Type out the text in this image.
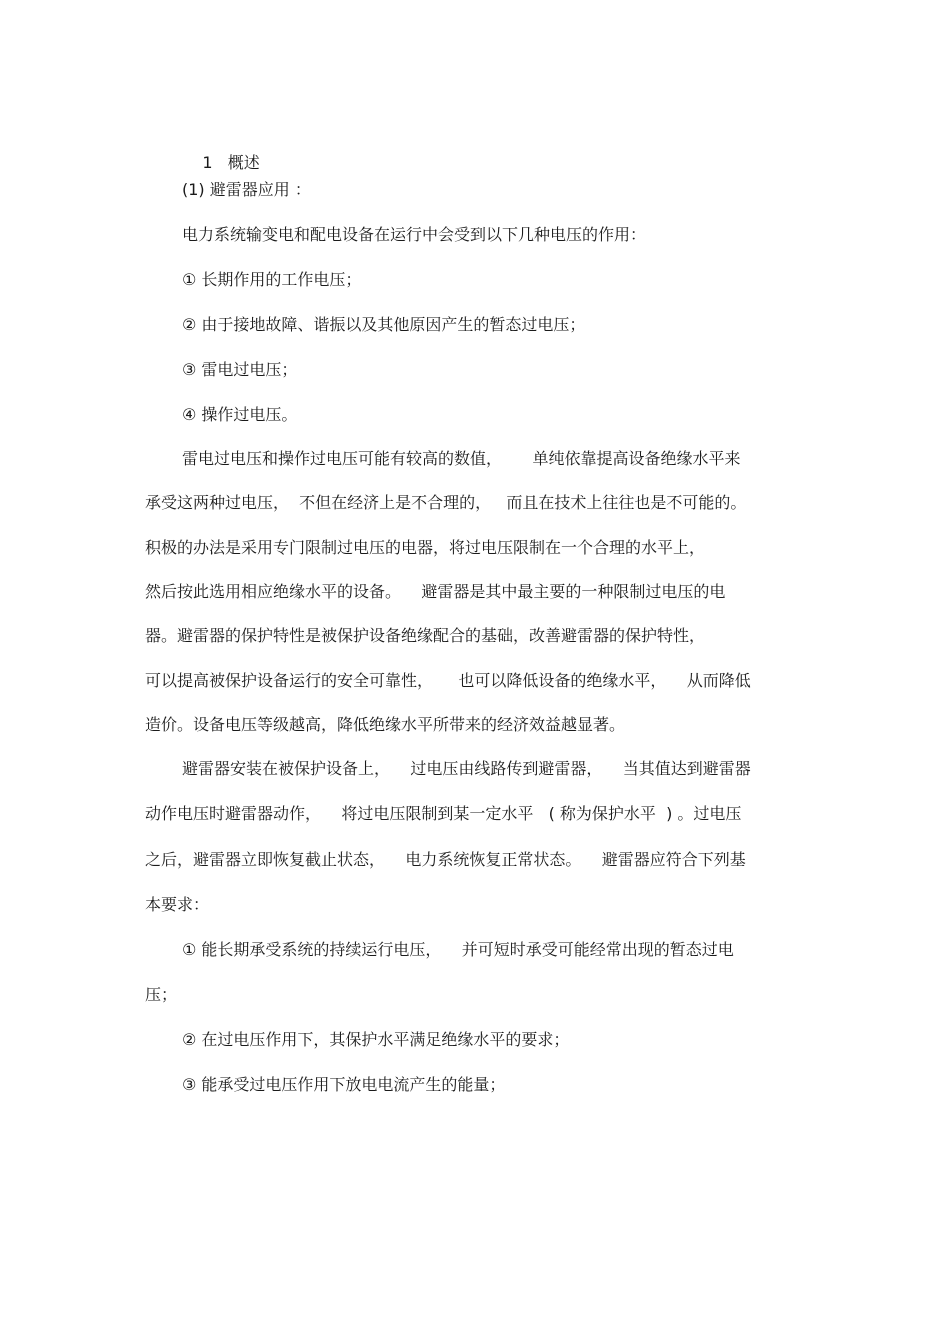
1 概述

(1) 避雷器应用 ：

电力系统输变电和配电设备在运行中会受到以下几种电压的作用：

① 长期作用的工作电压；

② 由于接地故障、谐振以及其他原因产生的暂态过电压；

③ 雷电过电压；

④ 操作过电压。

雷电过电压和操作过电压可能有较高的数值，      单纯依靠提高设备绝缘水平来

承受这两种过电压，  不但在经济上是不合理的，   而且在技术上往往也是不可能的。

积极的办法是采用专门限制过电压的电器，将过电压限制在一个合理的水平上，

然后按此选用相应绝缘水平的设备。    避雷器是其中最主要的一种限制过电压的电

器。避雷器的保护特性是被保护设备绝缘配合的基础，改善避雷器的保护特性，

可以提高被保护设备运行的安全可靠性，     也可以降低设备的绝缘水平，    从而降低

造价。设备电压等级越高，降低绝缘水平所带来的经济效益越显著。

避雷器安装在被保护设备上，    过电压由线路传到避雷器，    当其值达到避雷器

动作电压时避雷器动作，    将过电压限制到某一定水平   ( 称为保护水平  ) 。过电压

之后，避雷器立即恢复截止状态，    电力系统恢复正常状态。    避雷器应符合下列基

本要求：

① 能长期承受系统的持续运行电压，    并可短时承受可能经常出现的暂态过电

压；

② 在过电压作用下，其保护水平满足绝缘水平的要求；

③ 能承受过电压作用下放电电流产生的能量；
